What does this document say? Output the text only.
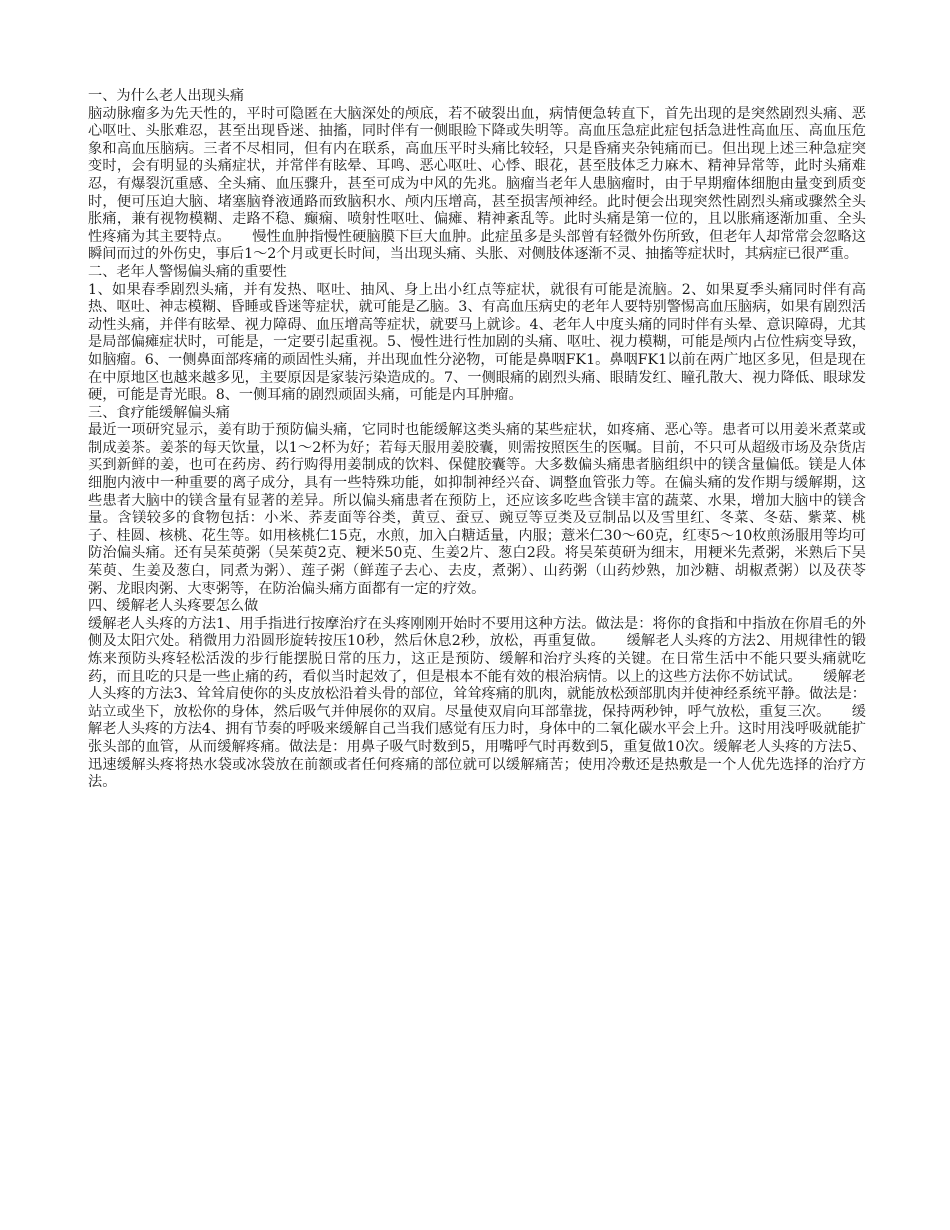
一、为什么老人出现头痛

脑动脉瘤多为先天性的，平时可隐匿在大脑深处的颅底，若不破裂出血，病情便急转直下，首先出现的是突然剧烈头痛、恶心呕吐、头胀难忍，甚至出现昏迷、抽搐，同时伴有一侧眼睑下降或失明等。高血压急症此症包括急进性高血压、高血压危象和高血压脑病。三者不尽相同，但有内在联系，高血压平时头痛比较轻，只是昏痛夹杂钝痛而已。但出现上述三种急症突变时，会有明显的头痛症状，并常伴有眩晕、耳鸣、恶心呕吐、心悸、眼花，甚至肢体乏力麻木、精神异常等，此时头痛难忍，有爆裂沉重感、全头痛、血压骤升，甚至可成为中风的先兆。脑瘤当老年人患脑瘤时，由于早期瘤体细胞由量变到质变时，便可压迫大脑、堵塞脑脊液通路而致脑积水、颅内压增高，甚至损害颅神经。此时便会出现突然性剧烈头痛或骤然全头胀痛，兼有视物模糊、走路不稳、癫痫、喷射性呕吐、偏瘫、精神紊乱等。此时头痛是第一位的，且以胀痛逐渐加重、全头性疼痛为其主要特点。　　慢性血肿指慢性硬脑膜下巨大血肿。此症虽多是头部曾有轻微外伤所致，但老年人却常常会忽略这瞬间而过的外伤史，事后1～2个月或更长时间，当出现头痛、头胀、对侧肢体逐渐不灵、抽搐等症状时，其病症已很严重。

二、老年人警惕偏头痛的重要性

1、如果春季剧烈头痛，并有发热、呕吐、抽风、身上出小红点等症状，就很有可能是流脑。2、如果夏季头痛同时伴有高热、呕吐、神志模糊、昏睡或昏迷等症状，就可能是乙脑。3、有高血压病史的老年人要特别警惕高血压脑病，如果有剧烈活动性头痛，并伴有眩晕、视力障碍、血压增高等症状，就要马上就诊。4、老年人中度头痛的同时伴有头晕、意识障碍，尤其是局部偏瘫症状时，可能是，一定要引起重视。5、慢性进行性加剧的头痛、呕吐、视力模糊，可能是颅内占位性病变导致，如脑瘤。6、一侧鼻面部疼痛的顽固性头痛，并出现血性分泌物，可能是鼻咽FK1。鼻咽FK1以前在两广地区多见，但是现在在中原地区也越来越多见，主要原因是家装污染造成的。7、一侧眼痛的剧烈头痛、眼睛发红、瞳孔散大、视力降低、眼球发硬，可能是青光眼。8、一侧耳痛的剧烈顽固头痛，可能是内耳肿瘤。

三、食疗能缓解偏头痛

最近一项研究显示，姜有助于预防偏头痛，它同时也能缓解这类头痛的某些症状，如疼痛、恶心等。患者可以用姜米煮菜或制成姜茶。姜茶的每天饮量，以1～2杯为好；若每天服用姜胶囊，则需按照医生的医嘱。目前，不只可从超级市场及杂货店买到新鲜的姜，也可在药房、药行购得用姜制成的饮料、保健胶囊等。大多数偏头痛患者脑组织中的镁含量偏低。镁是人体细胞内液中一种重要的离子成分，具有一些特殊功能，如抑制神经兴奋、调整血管张力等。在偏头痛的发作期与缓解期，这些患者大脑中的镁含量有显著的差异。所以偏头痛患者在预防上，还应该多吃些含镁丰富的蔬菜、水果，增加大脑中的镁含量。含镁较多的食物包括：小米、荞麦面等谷类，黄豆、蚕豆、豌豆等豆类及豆制品以及雪里红、冬菜、冬菇、紫菜、桃子、桂圆、核桃、花生等。如用核桃仁15克，水煎，加入白糖适量，内服；薏米仁30～60克，红枣5～10枚煎汤服用等均可防治偏头痛。还有吴茱萸粥（吴茱萸2克、粳米50克、生姜2片、葱白2段。将吴茱萸研为细末，用粳米先煮粥，米熟后下吴茱萸、生姜及葱白，同煮为粥）、莲子粥（鲜莲子去心、去皮，煮粥）、山药粥（山药炒熟，加沙糖、胡椒煮粥）以及茯苓粥、龙眼肉粥、大枣粥等，在防治偏头痛方面都有一定的疗效。

四、缓解老人头疼要怎么做

缓解老人头疼的方法1、用手指进行按摩治疗在头疼刚刚开始时不要用这种方法。做法是：将你的食指和中指放在你眉毛的外侧及太阳穴处。稍微用力沿圆形旋转按压10秒，然后休息2秒，放松，再重复做。　　缓解老人头疼的方法2、用规律性的锻炼来预防头疼轻松活泼的步行能摆脱日常的压力，这正是预防、缓解和治疗头疼的关键。在日常生活中不能只要头痛就吃药，而且吃的只是一些止痛的药，看似当时起效了，但是根本不能有效的根治病情。以上的这些方法你不妨试试。　　缓解老人头疼的方法3、耸耸肩使你的头皮放松沿着头骨的部位，耸耸疼痛的肌肉，就能放松颈部肌肉并使神经系统平静。做法是：站立或坐下，放松你的身体，然后吸气并伸展你的双肩。尽量使双肩向耳部靠拢，保持两秒钟，呼气放松，重复三次。　　缓解老人头疼的方法4、拥有节奏的呼吸来缓解自己当我们感觉有压力时，身体中的二氧化碳水平会上升。这时用浅呼吸就能扩张头部的血管，从而缓解疼痛。做法是：用鼻子吸气时数到5，用嘴呼气时再数到5，重复做10次。缓解老人头疼的方法5、迅速缓解头疼将热水袋或冰袋放在前额或者任何疼痛的部位就可以缓解痛苦；使用冷敷还是热敷是一个人优先选择的治疗方法。
